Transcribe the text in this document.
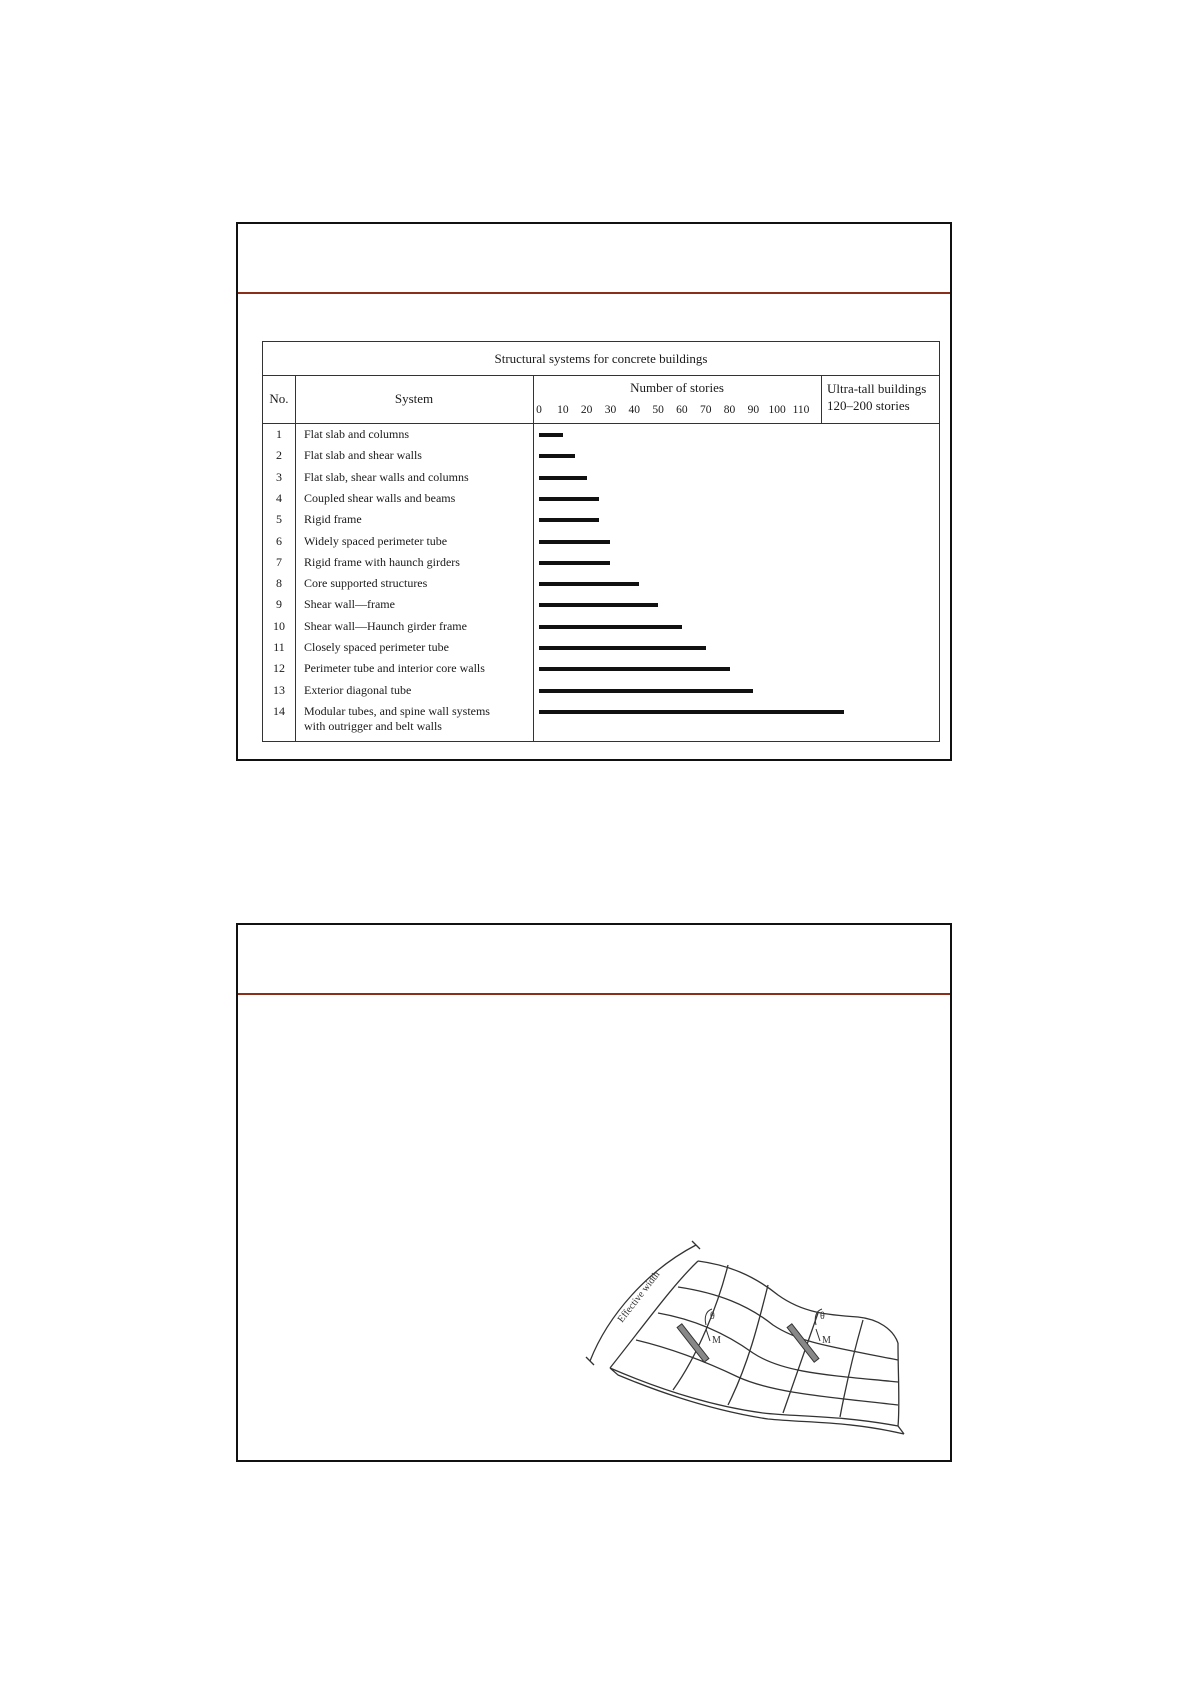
Structural systems for concrete buildings
No.	System
Number of stories	Ultra-tall buildings
120–200 stories
0 10 20 30 40 50 60 70 80 90 100 110
1	Flat slab and columns
2	Flat slab and shear walls
3	Flat slab, shear walls and columns
4	Coupled shear walls and beams
5	Rigid frame
6	Widely spaced perimeter tube
7	Rigid frame with haunch girders
8	Core supported structures
9	Shear wall—frame
10	Shear wall—Haunch girder frame
11	Closely spaced perimeter tube
12	Perimeter tube and interior core walls
13	Exterior diagonal tube
14	Modular tubes, and spine wall systems
with outrigger and belt walls
Effective width	θ
M
θ
M
